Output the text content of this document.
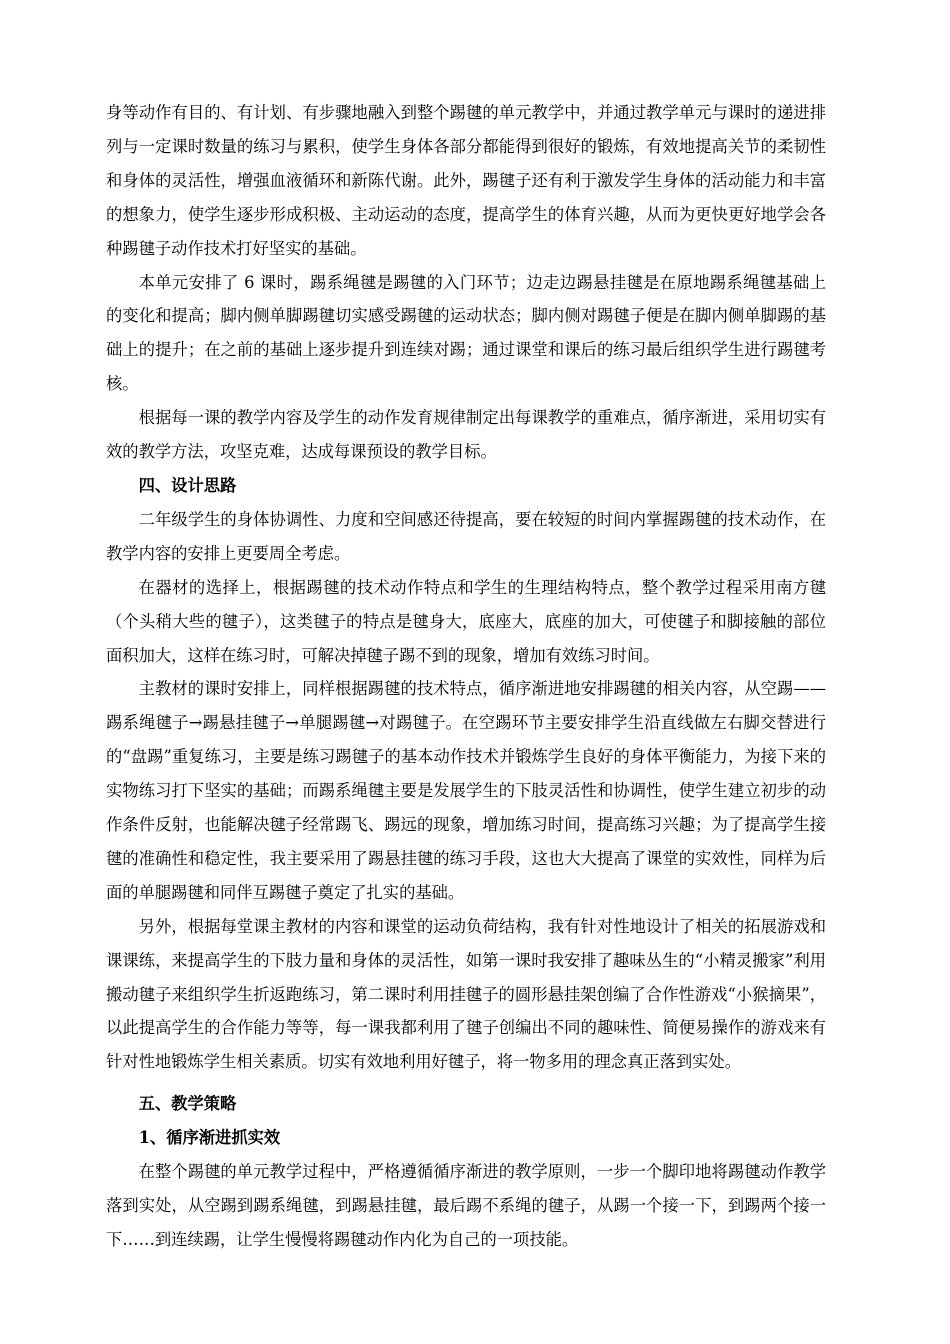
身等动作有目的、有计划、有步骤地融入到整个踢毽的单元教学中，并通过教学单元与课时的递进排列与一定课时数量的练习与累积，使学生身体各部分都能得到很好的锻炼，有效地提高关节的柔韧性和身体的灵活性，增强血液循环和新陈代谢。此外，踢毽子还有利于激发学生身体的活动能力和丰富的想象力，使学生逐步形成积极、主动运动的态度，提高学生的体育兴趣，从而为更快更好地学会各种踢毽子动作技术打好坚实的基础。

本单元安排了 6 课时，踢系绳毽是踢毽的入门环节；边走边踢悬挂毽是在原地踢系绳毽基础上的变化和提高；脚内侧单脚踢毽切实感受踢毽的运动状态；脚内侧对踢毽子便是在脚内侧单脚踢的基础上的提升；在之前的基础上逐步提升到连续对踢；通过课堂和课后的练习最后组织学生进行踢毽考核。

根据每一课的教学内容及学生的动作发育规律制定出每课教学的重难点，循序渐进，采用切实有效的教学方法，攻坚克难，达成每课预设的教学目标。

四、设计思路

二年级学生的身体协调性、力度和空间感还待提高，要在较短的时间内掌握踢毽的技术动作，在教学内容的安排上更要周全考虑。

在器材的选择上，根据踢毽的技术动作特点和学生的生理结构特点，整个教学过程采用南方毽（个头稍大些的毽子），这类毽子的特点是毽身大，底座大，底座的加大，可使毽子和脚接触的部位面积加大，这样在练习时，可解决掉毽子踢不到的现象，增加有效练习时间。

主教材的课时安排上，同样根据踢毽的技术特点，循序渐进地安排踢毽的相关内容，从空踢——踢系绳毽子→踢悬挂毽子→单腿踢毽→对踢毽子。在空踢环节主要安排学生沿直线做左右脚交替进行的“盘踢”重复练习，主要是练习踢毽子的基本动作技术并锻炼学生良好的身体平衡能力，为接下来的实物练习打下坚实的基础；而踢系绳毽主要是发展学生的下肢灵活性和协调性，使学生建立初步的动作条件反射，也能解决毽子经常踢飞、踢远的现象，增加练习时间，提高练习兴趣；为了提高学生接毽的准确性和稳定性，我主要采用了踢悬挂毽的练习手段，这也大大提高了课堂的实效性，同样为后面的单腿踢毽和同伴互踢毽子奠定了扎实的基础。

另外，根据每堂课主教材的内容和课堂的运动负荷结构，我有针对性地设计了相关的拓展游戏和课课练，来提高学生的下肢力量和身体的灵活性，如第一课时我安排了趣味丛生的“小精灵搬家”利用搬动毽子来组织学生折返跑练习，第二课时利用挂毽子的圆形悬挂架创编了合作性游戏“小猴摘果”，以此提高学生的合作能力等等，每一课我都利用了毽子创编出不同的趣味性、简便易操作的游戏来有针对性地锻炼学生相关素质。切实有效地利用好毽子，将一物多用的理念真正落到实处。

五、教学策略

1、循序渐进抓实效

在整个踢毽的单元教学过程中，严格遵循循序渐进的教学原则，一步一个脚印地将踢毽动作教学落到实处，从空踢到踢系绳毽，到踢悬挂毽，最后踢不系绳的毽子，从踢一个接一下，到踢两个接一下……到连续踢，让学生慢慢将踢毽动作内化为自己的一项技能。
